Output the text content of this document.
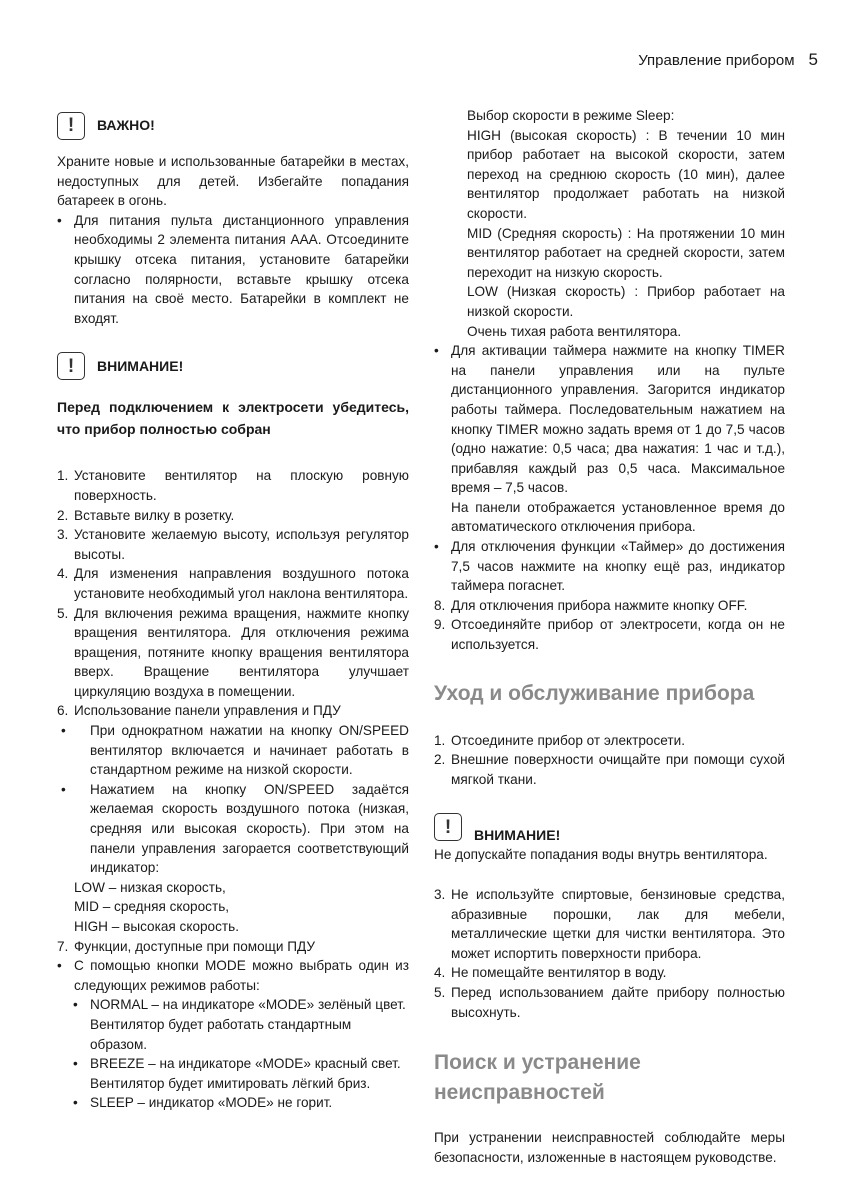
Управление прибором 5
!	ВАЖНО!

Храните новые и использованные батарейки в местах, недоступных для детей. Избегайте попадания батареек в огонь.

• Для питания пульта дистанционного управления необходимы 2 элемента питания AAA. Отсоедините крышку отсека питания, установите батарейки согласно полярности, вставьте крышку отсека питания на своё место. Батарейки в комплект не входят.
!	ВНИМАНИЕ!

Перед подключением к электросети убедитесь, что прибор полностью собран

1. Установите вентилятор на плоскую ровную поверхность.
2. Вставьте вилку в розетку.
3. Установите желаемую высоту, используя регулятор высоты.
4. Для изменения направления воздушного потока установите необходимый угол наклона вентилятора.
5. Для включения режима вращения, нажмите кнопку вращения вентилятора. Для отключения режима вращения, потяните кнопку вращения вентилятора вверх. Вращение вентилятора улучшает циркуляцию воздуха в помещении.
6. Использование панели управления и ПДУ
• При однократном нажатии на кнопку ON/SPEED вентилятор включается и начинает работать в стандартном режиме на низкой скорости.
• Нажатием на кнопку ON/SPEED задаётся желаемая скорость воздушного потока (низкая, средняя или высокая скорость). При этом на панели управления загорается соответствующий индикатор:

LOW – низкая скорость,

MID – средняя скорость,

HIGH – высокая скорость.

7. Функции, доступные при помощи ПДУ
• С помощью кнопки MODE можно выбрать один из следующих режимов работы:
• NORMAL – на индикаторе «MODE» зелёный цвет.

Вентилятор будет работать стандартным образом.

• BREEZE – на индикаторе «MODE» красный свет.

Вентилятор будет имитировать лёгкий бриз.

• SLEEP – индикатор «MODE» не горит.

Выбор скорости в режиме Sleep:

HIGH (высокая скорость) : В течении 10 мин прибор работает на высокой скорости, затем переход на среднюю скорость (10 мин), далее вентилятор продолжает работать на низкой скорости.

MID (Средняя скорость) : На протяжении 10 мин вентилятор работает на средней скорости, затем переходит на низкую скорость.

LOW (Низкая скорость) : Прибор работает на низкой скорости.

Очень тихая работа вентилятора.

• Для активации таймера нажмите на кнопку TIMER на панели управления или на пульте дистанционного управления. Загорится индикатор работы таймера. Последовательным нажатием на кнопку TIMER можно задать время от 1 до 7,5 часов (одно нажатие: 0,5 часа; два нажатия: 1 час и т.д.), прибавляя каждый раз 0,5 часа. Максимальное время – 7,5 часов.

На панели отображается установленное время до автоматического отключения прибора.

• Для отключения функции «Таймер» до достижения 7,5 часов нажмите на кнопку ещё раз, индикатор таймера погаснет.
8. Для отключения прибора нажмите кнопку OFF.
9. Отсоединяйте прибор от электросети, когда он не используется.

Уход и обслуживание прибора

1. Отсоедините прибор от электросети.
2. Внешние поверхности очищайте при помощи сухой мягкой ткани.
!	ВНИМАНИЕ!

Не допускайте попадания воды внутрь вентилятора.

3. Не используйте спиртовые, бензиновые средства, абразивные порошки, лак для мебели, металлические щетки для чистки вентилятора. Это может испортить поверхности прибора.
4. Не помещайте вентилятор в воду.
5. Перед использованием дайте прибору полностью высохнуть.

Поиск и устранение

неисправностей

При устранении неисправностей соблюдайте меры безопасности, изложенные в настоящем руководстве.
